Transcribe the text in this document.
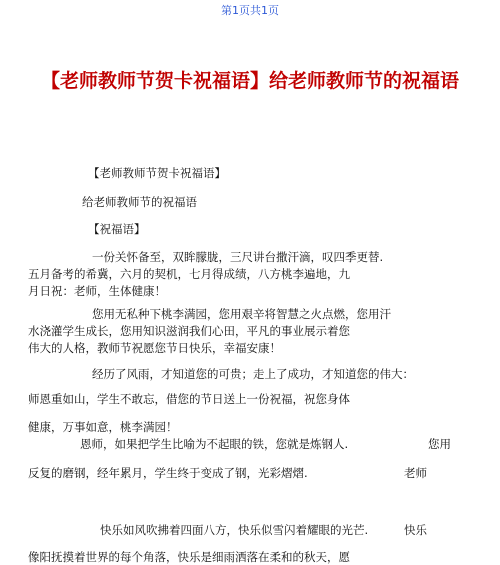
第1页共1页
【老师教师节贺卡祝福语】给老师教师节的祝福语
【老师教师节贺卡祝福语】
给老师教师节的祝福语
【祝福语】
一份关怀备至，双眸朦胧，三尺讲台撒汗滴，叹四季更替.
五月备考的希冀，六月的契机，七月得成绩，八方桃李遍地，九
月日祝：老师，生体健康！
您用无私种下桃李满园，您用艰辛将智慧之火点燃，您用汗
水浇灌学生成长，您用知识滋润我们心田，平凡的事业展示着您
伟大的人格，教师节祝愿您节日快乐，幸福安康！
经历了风雨，才知道您的可贵；走上了成功，才知道您的伟大：
师恩重如山，学生不敢忘，借您的节日送上一份祝福，祝您身体
健康，万事如意，桃李满园！
恩师，如果把学生比喻为不起眼的铁，您就是炼钢人.	您用
反复的磨钢，经年累月，学生终于变成了钢，光彩熠熠.	老师
快乐如风吹拂着四面八方，快乐似雪闪着耀眼的光芒.	快乐
像阳抚摸着世界的每个角落，快乐是细雨洒落在柔和的秋天，愿
